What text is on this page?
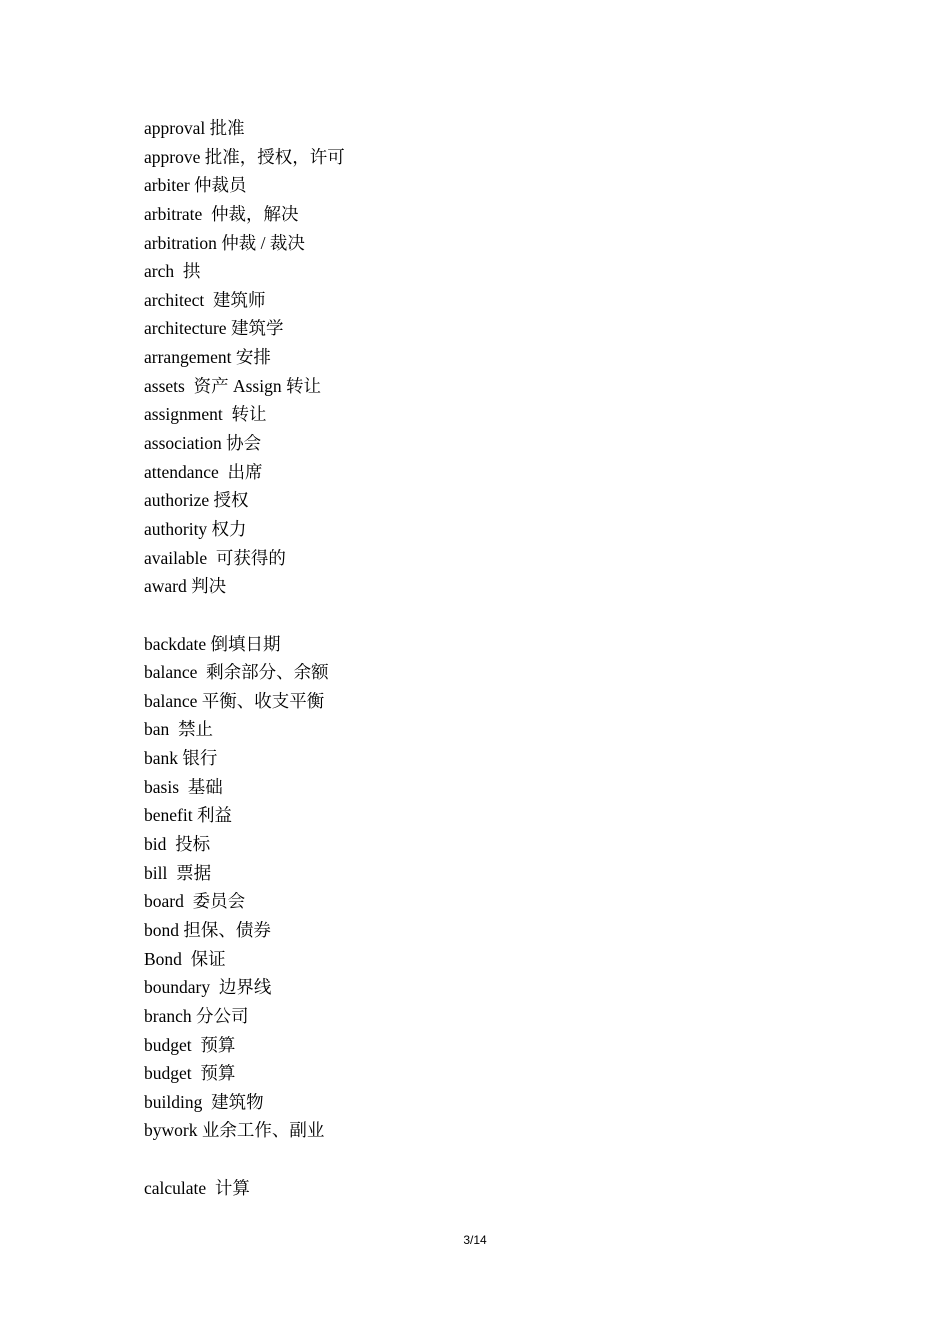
approval 批准
approve 批准，授权，许可
arbiter 仲裁员
arbitrate  仲裁，解决
arbitration 仲裁 / 裁决
arch  拱
architect  建筑师
architecture 建筑学
arrangement 安排
assets  资产 Assign 转让
assignment  转让
association 协会
attendance  出席
authorize 授权
authority 权力
available  可获得的
award 判决
backdate 倒填日期
balance  剩余部分、余额
balance 平衡、收支平衡
ban  禁止
bank 银行
basis  基础
benefit 利益
bid  投标
bill  票据
board  委员会
bond 担保、债券
Bond  保证
boundary  边界线
branch 分公司
budget  预算
budget  预算
building  建筑物
bywork 业余工作、副业
calculate  计算
3/14
